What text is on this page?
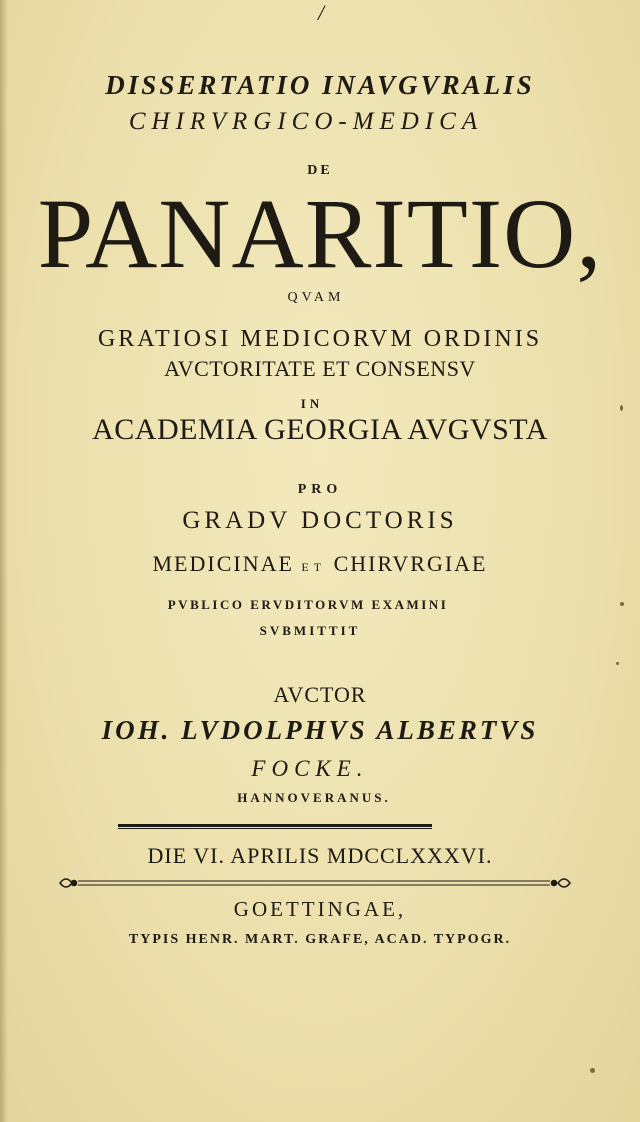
/
DISSERTATIO INAVGVRALIS
CHIRVRGICO-MEDICA
DE
PANARITIO,
QVAM
GRATIOSI MEDICORVM ORDINIS
AVCTORITATE ET CONSENSV
IN
ACADEMIA GEORGIA AVGVSTA
PRO
GRADV DOCTORIS
MEDICINAE ET CHIRVRGIAE
PVBLICO ERVDITORVM EXAMINI
SVBMITTIT
AVCTOR
IOH. LVDOLPHVS ALBERTVS
FOCKE.
HANNOVERANUS.
DIE VI. APRILIS MDCCLXXXVI.
GOETTINGAE,
TYPIS HENR. MART. GRAFE, ACAD. TYPOGR.
